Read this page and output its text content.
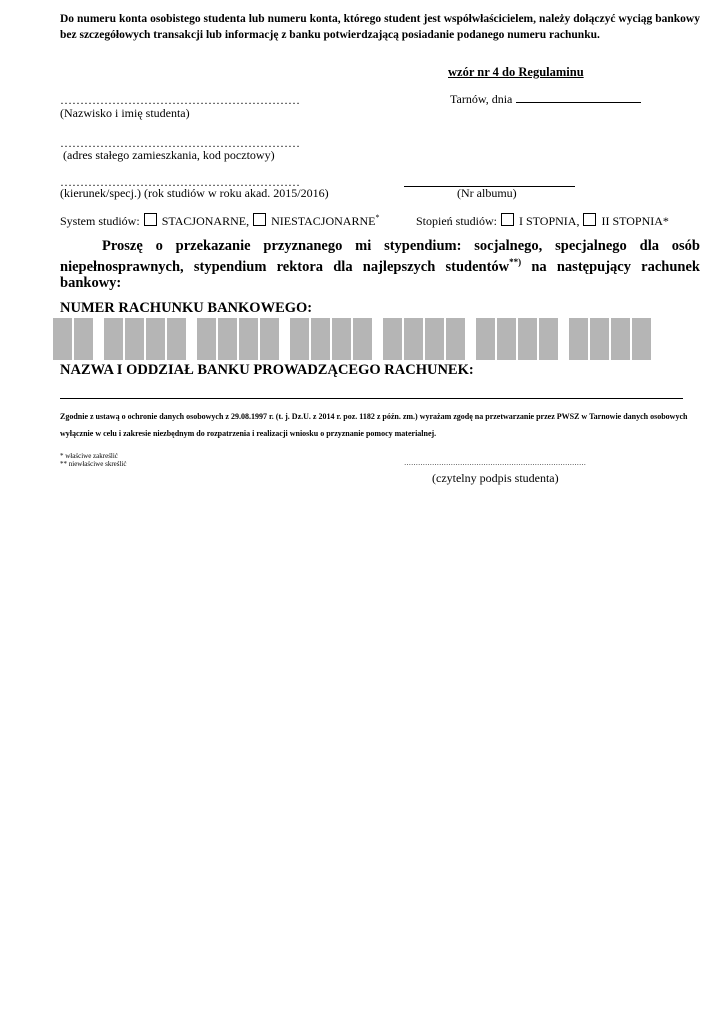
Do numeru konta osobistego studenta lub numeru konta, którego student jest współwłaścicielem, należy dołączyć wyciąg bankowy bez szczegółowych transakcji lub informację z banku potwierdzającą posiadanie podanego numeru rachunku.
wzór nr 4 do Regulaminu
Tarnów, dnia
……………………………………………………
(Nazwisko i imię studenta)
……………………………………………………
(adres stałego zamieszkania, kod pocztowy)
……………………………………………………
(kierunek/specj.) (rok studiów w roku akad. 2015/2016)	(Nr albumu)
System studiów: STACJONARNE, NIESTACJONARNE*	Stopień studiów: I STOPNIA, II STOPNIA*
Proszę o przekazanie przyznanego mi stypendium: socjalnego, specjalnego dla osób niepełnosprawnych, stypendium rektora dla najlepszych studentów**) na następujący rachunek bankowy:
NUMER RACHUNKU BANKOWEGO:
NAZWA I ODDZIAŁ BANKU PROWADZĄCEGO RACHUNEK:
Zgodnie z ustawą o ochronie danych osobowych z 29.08.1997 r. (t. j. Dz.U. z 2014 r. poz. 1182 z późn. zm.) wyrażam zgodę na przetwarzanie przez PWSZ w Tarnowie danych osobowych wyłącznie w celu i zakresie niezbędnym do rozpatrzenia i realizacji wniosku o przyznanie pomocy materialnej.
* właściwe zakreślić
** niewłaściwe skreślić	……………………………………………………………………
(czytelny podpis studenta)
